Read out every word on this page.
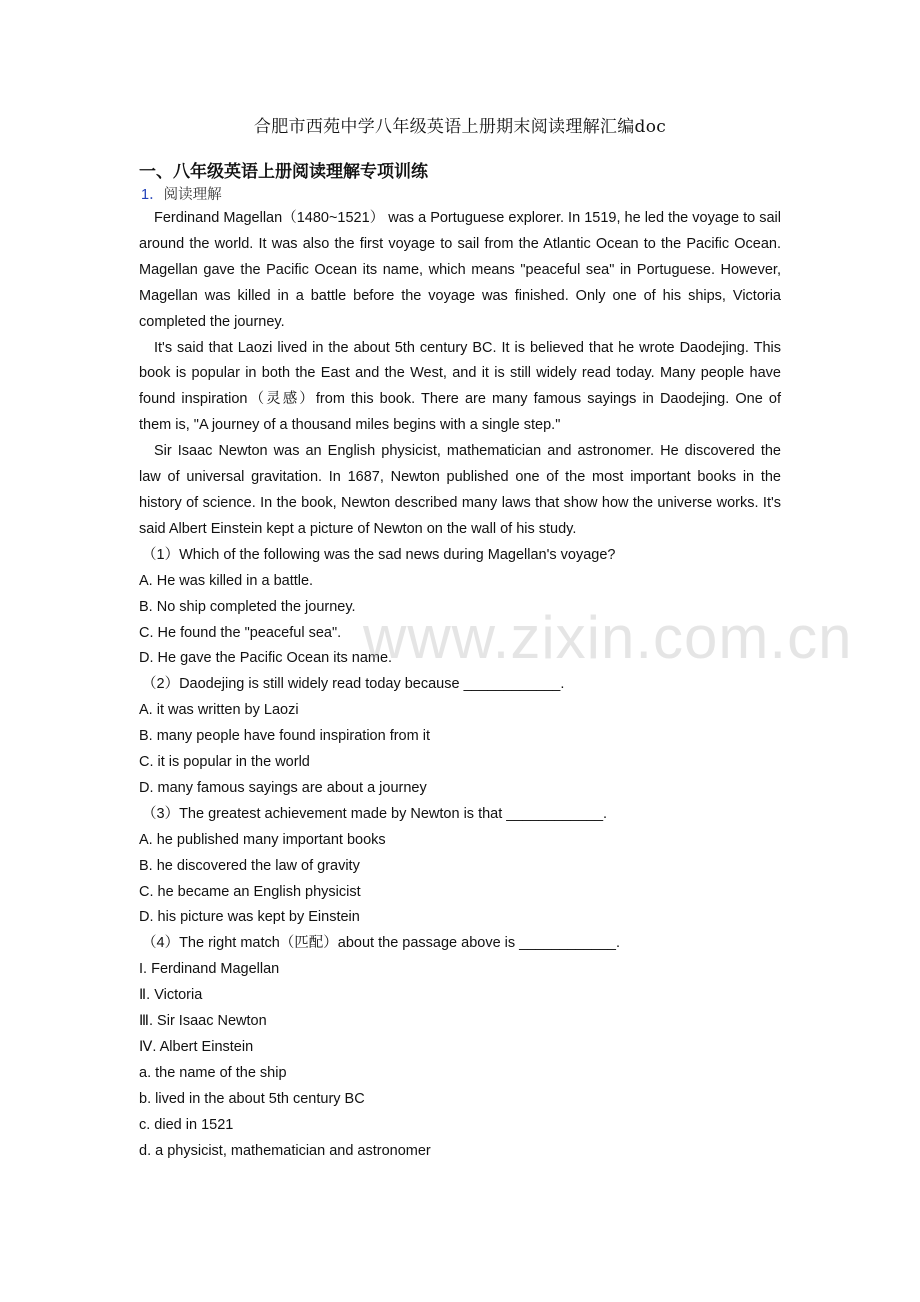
合肥市西苑中学八年级英语上册期末阅读理解汇编doc
一、八年级英语上册阅读理解专项训练
1．阅读理解

Ferdinand Magellan（1480~1521） was a Portuguese explorer. In 1519, he led the voyage to sail around the world. It was also the first voyage to sail from the Atlantic Ocean to the Pacific Ocean. Magellan gave the Pacific Ocean its name, which means "peaceful sea" in Portuguese. However, Magellan was killed in a battle before the voyage was finished. Only one of his ships, Victoria completed the journey.

It's said that Laozi lived in the about 5th century BC. It is believed that he wrote Daodejing. This book is popular in both the East and the West, and it is still widely read today. Many people have found inspiration（灵感）from this book. There are many famous sayings in Daodejing. One of them is, "A journey of a thousand miles begins with a single step."

Sir Isaac Newton was an English physicist, mathematician and astronomer. He discovered the law of universal gravitation. In 1687, Newton published one of the most important books in the history of science. In the book, Newton described many laws that show how the universe works. It's said Albert Einstein kept a picture of Newton on the wall of his study.

（1）Which of the following was the sad news during Magellan's voyage?

A. He was killed in a battle.

B. No ship completed the journey.

C. He found the "peaceful sea".

D. He gave the Pacific Ocean its name.

（2）Daodejing is still widely read today because ____________.

A. it was written by Laozi

B. many people have found inspiration from it

C. it is popular in the world

D. many famous sayings are about a journey

（3）The greatest achievement made by Newton is that ____________.

A. he published many important books

B. he discovered the law of gravity

C. he became an English physicist

D. his picture was kept by Einstein

（4）The right match（匹配）about the passage above is ____________.

I. Ferdinand Magellan

Ⅱ. Victoria

Ⅲ. Sir Isaac Newton

Ⅳ. Albert Einstein

a. the name of the ship

b. lived in the about 5th century BC

c. died in 1521

d. a physicist, mathematician and astronomer

www.zixin.com.cn
